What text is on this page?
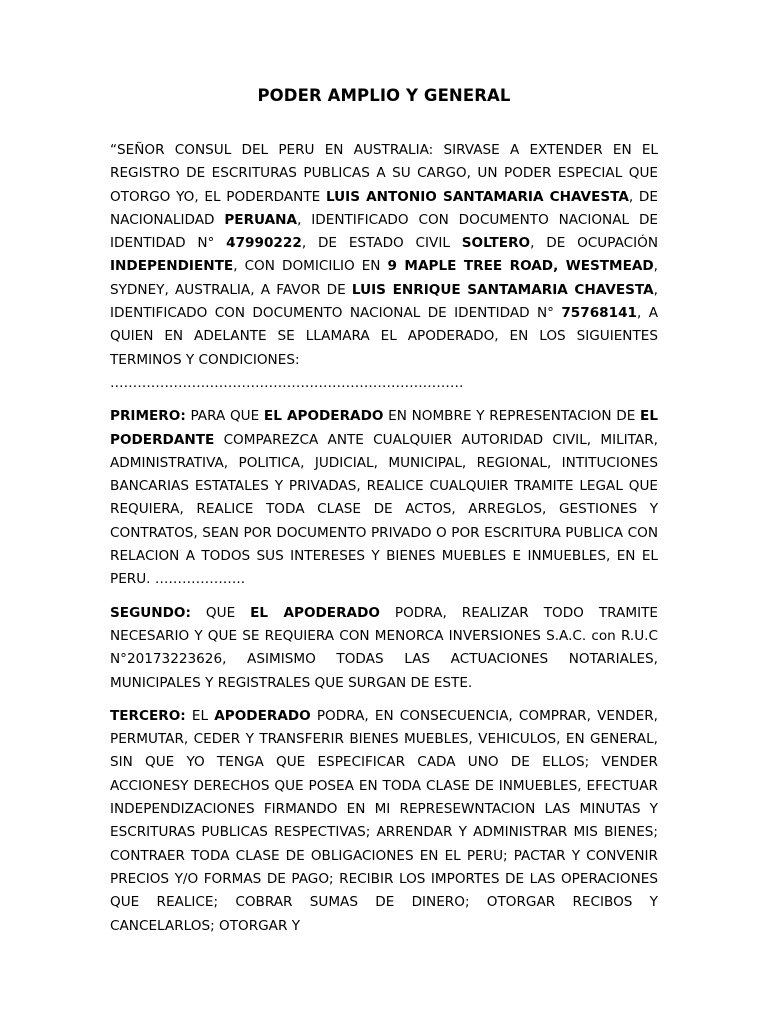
PODER AMPLIO Y GENERAL

“SEÑOR CONSUL DEL PERU EN AUSTRALIA: SIRVASE A EXTENDER EN EL REGISTRO DE ESCRITURAS PUBLICAS A SU CARGO, UN PODER ESPECIAL QUE OTORGO YO, EL PODERDANTE LUIS ANTONIO SANTAMARIA CHAVESTA, DE NACIONALIDAD PERUANA, IDENTIFICADO CON DOCUMENTO NACIONAL DE IDENTIDAD N° 47990222, DE ESTADO CIVIL SOLTERO, DE OCUPACIÓN INDEPENDIENTE, CON DOMICILIO EN 9 MAPLE TREE ROAD, WESTMEAD, SYDNEY, AUSTRALIA, A FAVOR DE LUIS ENRIQUE SANTAMARIA CHAVESTA, IDENTIFICADO CON DOCUMENTO NACIONAL DE IDENTIDAD N° 75768141, A QUIEN EN ADELANTE SE LLAMARA EL APODERADO, EN LOS SIGUIENTES TERMINOS Y CONDICIONES:
……………………………………………………………………

PRIMERO: PARA QUE EL APODERADO EN NOMBRE Y REPRESENTACION DE EL PODERDANTE COMPAREZCA ANTE CUALQUIER AUTORIDAD CIVIL, MILITAR, ADMINISTRATIVA, POLITICA, JUDICIAL, MUNICIPAL, REGIONAL, INTITUCIONES BANCARIAS ESTATALES Y PRIVADAS, REALICE CUALQUIER TRAMITE LEGAL QUE REQUIERA, REALICE TODA CLASE DE ACTOS, ARREGLOS, GESTIONES Y CONTRATOS, SEAN POR DOCUMENTO PRIVADO O POR ESCRITURA PUBLICA CON RELACION A TODOS SUS INTERESES Y BIENES MUEBLES E INMUEBLES, EN EL PERU. ………………..

SEGUNDO: QUE EL APODERADO PODRA, REALIZAR TODO TRAMITE NECESARIO Y QUE SE REQUIERA CON MENORCA INVERSIONES S.A.C. con R.U.C N°20173223626, ASIMISMO TODAS LAS ACTUACIONES NOTARIALES, MUNICIPALES Y REGISTRALES QUE SURGAN DE ESTE.

TERCERO: EL APODERADO PODRA, EN CONSECUENCIA, COMPRAR, VENDER, PERMUTAR, CEDER Y TRANSFERIR BIENES MUEBLES, VEHICULOS, EN GENERAL, SIN QUE YO TENGA QUE ESPECIFICAR CADA UNO DE ELLOS; VENDER ACCIONESY DERECHOS QUE POSEA EN TODA CLASE DE INMUEBLES, EFECTUAR INDEPENDIZACIONES FIRMANDO EN MI REPRESEWNTACION LAS MINUTAS Y ESCRITURAS PUBLICAS RESPECTIVAS; ARRENDAR Y ADMINISTRAR MIS BIENES; CONTRAER TODA CLASE DE OBLIGACIONES EN EL PERU; PACTAR Y CONVENIR PRECIOS Y/O FORMAS DE PAGO; RECIBIR LOS IMPORTES DE LAS OPERACIONES QUE REALICE; COBRAR SUMAS DE DINERO; OTORGAR RECIBOS Y CANCELARLOS; OTORGAR Y
